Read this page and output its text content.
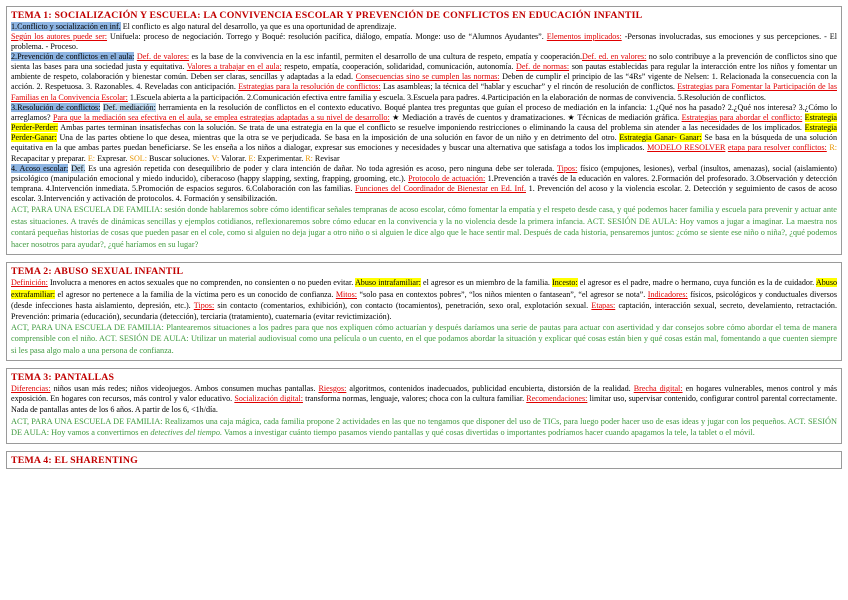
TEMA 1: SOCIALIZACIÓN Y ESCUELA: LA CONVIVENCIA ESCOLAR Y PREVENCIÓN DE CONFLICTOS EN EDUCACIÓN INFANTIL

1.Conflicto y socialización en inf. El conflicto es algo natural del desarrollo, ya que es una oportunidad de aprendizaje.

Según los autores puede ser: Unifuela: proceso de negociación. Torrego y Boqué: resolución pacífica, diálogo, empatía. Monge: uso de “Alumnos Ayudantes”. Elementos implicados: -Personas involucradas, sus emociones y sus percepciones. - El problema. - Proceso.

2.Prevención de conflictos en el aula: Def. de valores: es la base de la convivencia en la esc infantil, permiten el desarrollo de una cultura de respeto, empatía y cooperación.Def. ed. en valores: no solo contribuye a la prevención de conflictos sino que sienta las bases para una sociedad justa y equitativa. Valores a trabajar en el aula: respeto, empatía, cooperación, solidaridad, comunicación, autonomía. Def. de normas: son pautas establecidas para regular la interacción entre los niños y fomentar un ambiente de respeto, colaboración y bienestar común. Deben ser claras, sencillas y adaptadas a la edad. Consecuencias sino se cumplen las normas: Deben de cumplir el principio de las “4Rs” vigente de Nelsen: 1. Relacionada la consecuencia con la acción. 2. Respetuosa. 3. Razonables. 4. Reveladas con anticipación. Estrategias para la resolución de conflictos: Las asambleas; la técnica del “hablar y escuchar” y el rincón de resolución de conflictos. Estrategias para Fomentar la Participación de las Familias en la Convivencia Escolar: 1.Escuela abierta a la participación. 2.Comunicación efectiva entre familia y escuela. 3.Escuela para padres. 4.Participación en la elaboración de normas de convivencia. 5.Resolución de conflictos.

3.Resolución de conflictos: Def. mediación: herramienta en la resolución de conflictos en el contexto educativo. Boqué plantea tres preguntas que guían el proceso de mediación en la infancia: 1.¿Qué nos ha pasado? 2.¿Qué nos interesa? 3.¿Cómo lo arreglamos? Para que la mediación sea efectiva en el aula, se emplea estrategias adaptadas a su nivel de desarrollo: ★ Mediación a través de cuentos y dramatizaciones. ★ Técnicas de mediación gráfica. Estrategias para abordar el conflicto: Estrategia Perder-Perder: Ambas partes terminan insatisfechas con la solución. Se trata de una estrategia en la que el conflicto se resuelve imponiendo restricciones o eliminando la causa del problema sin atender a las necesidades de los implicados. Estrategia Perder-Ganar: Una de las partes obtiene lo que desea, mientras que la otra se ve perjudicada. Se basa en la imposición de una solución en favor de un niño y en detrimento del otro. Estrategia Ganar- Ganar: Se basa en la búsqueda de una solución equitativa en la que ambas partes puedan beneficiarse. Se les enseña a los niños a dialogar, expresar sus emociones y necesidades y buscar una alternativa que satisfaga a todos los implicados. MODELO RESOLVER etapa para resolver conflictos: R: Recapacitar y preparar. E: Expresar. SOL: Buscar soluciones. V: Valorar. E: Experimentar. R: Revisar

4. Acoso escolar: Def. Es una agresión repetida con desequilibrio de poder y clara intención de dañar. No toda agresión es acoso, pero ninguna debe ser tolerada. Tipos: físico (empujones, lesiones), verbal (insultos, amenazas), social (aislamiento) psicológico (manipulación emocional y miedo inducido), ciberacoso (happy slapping, sexting, frapping, grooming, etc.). Protocolo de actuación: 1.Prevención a través de la educación en valores. 2.Formación del profesorado. 3.Observación y detección temprana. 4.Intervención inmediata. 5.Promoción de espacios seguros. 6.Colaboración con las familias. Funciones del Coordinador de Bienestar en Ed. Inf. 1. Prevención del acoso y la violencia escolar. 2. Detección y seguimiento de casos de acoso escolar. 3.Intervención y activación de protocolos. 4. Formación y sensibilización.

ACT, PARA UNA ESCUELA DE FAMILIA: sesión donde hablaremos sobre cómo identificar señales tempranas de acoso escolar, cómo fomentar la empatía y el respeto desde casa, y qué podemos hacer familia y escuela para prevenir y actuar ante estas situaciones. A través de dinámicas sencillas y ejemplos cotidianos, reflexionaremos sobre cómo educar en la convivencia y la no violencia desde la primera infancia. ACT. SESIÓN DE AULA: Hoy vamos a jugar a imaginar. La maestra nos contará pequeñas historias de cosas que pueden pasar en el cole, como si alguien no deja jugar a otro niño o si alguien le dice algo que le hace sentir mal. Después de cada historia, pensaremos juntos: ¿cómo se siente ese niño o niña?, ¿qué podemos hacer nosotros para ayudar?, ¿qué haríamos en su lugar?

TEMA 2: ABUSO SEXUAL INFANTIL

Definición: Involucra a menores en actos sexuales que no comprenden, no consienten o no pueden evitar. Abuso intrafamiliar: el agresor es un miembro de la familia. Incesto: el agresor es el padre, madre o hermano, cuya función es la de cuidador. Abuso extrafamiliar: el agresor no pertenece a la familia de la víctima pero es un conocido de confianza. Mitos: “solo pasa en contextos pobres”, “los niños mienten o fantasean”, “el agresor se nota”. Indicadores: físicos, psicológicos y conductuales diversos (desde infecciones hasta aislamiento, depresión, etc.). Tipos: sin contacto (comentarios, exhibición), con contacto (tocamientos), penetración, sexo oral, explotación sexual. Etapas: captación, interacción sexual, secreto, develamiento, retractación. Prevención: primaria (educación), secundaria (detección), terciaria (tratamiento), cuaternaria (evitar revictimización).

ACT, PARA UNA ESCUELA DE FAMILIA: Plantearemos situaciones a los padres para que nos expliquen cómo actuarían y después daríamos una serie de pautas para actuar con asertividad y dar consejos sobre cómo abordar el tema de manera comprensible con el niño. ACT. SESIÓN DE AULA: Utilizar un material audiovisual como una película o un cuento, en el que podamos abordar la situación y explicar qué cosas están bien y qué cosas están mal, fomentando a que cuenten siempre si les pasa algo malo a una persona de confianza.

TEMA 3: PANTALLAS

Diferencias: niños usan más redes; niños videojuegos. Ambos consumen muchas pantallas. Riesgos: algoritmos, contenidos inadecuados, publicidad encubierta, distorsión de la realidad. Brecha digital: en hogares vulnerables, menos control y más exposición. En hogares con recursos, más control y valor educativo. Socialización digital: transforma normas, lenguaje, valores; choca con la cultura familiar. Recomendaciones: limitar uso, supervisar contenido, configurar control parental correctamente. Nada de pantallas antes de los 6 años. A partir de los 6, <1h/día.

ACT, PARA UNA ESCUELA DE FAMILIA: Realizamos una caja mágica, cada familia propone 2 actividades en las que no tengamos que disponer del uso de TICs, para luego poder hacer uso de esas ideas y jugar con los pequeños. ACT. SESIÓN DE AULA: Hoy vamos a convertirnos en detectives del tiempo. Vamos a investigar cuánto tiempo pasamos viendo pantallas y qué cosas divertidas o importantes podríamos hacer cuando apagamos la tele, la tablet o el móvil.

TEMA 4: EL SHARENTING
